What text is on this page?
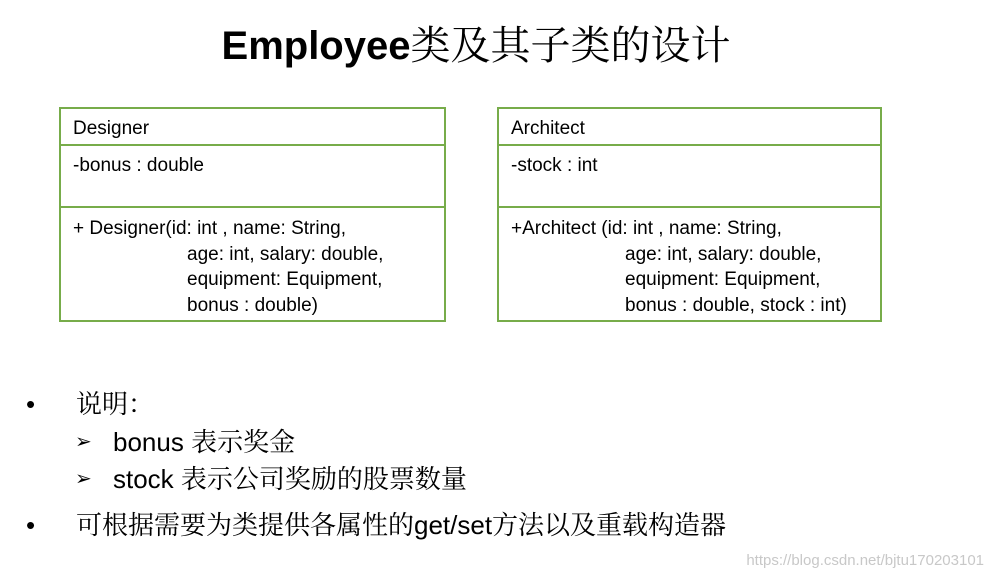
Employee类及其子类的设计
Designer
-bonus : double
+ Designer(id: int , name: String,
age: int, salary: double,
equipment: Equipment,
bonus : double)
Architect
-stock : int
+Architect (id: int , name: String,
age: int, salary: double,
equipment: Equipment,
bonus : double, stock : int)
•	说明：
➢ bonus 表示奖金
➢ stock 表示公司奖励的股票数量
•	可根据需要为类提供各属性的get/set方法以及重载构造器
https://blog.csdn.net/bjtu170203101
